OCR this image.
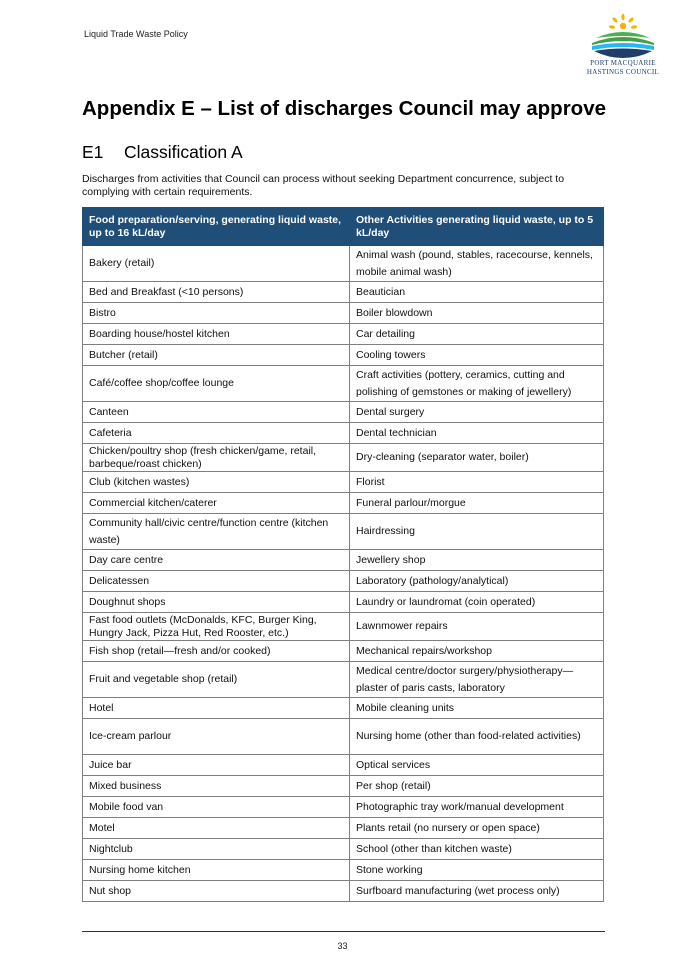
Liquid Trade Waste Policy
PORT MACQUARIE
HASTINGS COUNCIL
Appendix E – List of discharges Council may approve
E1 Classification A
Discharges from activities that Council can process without seeking Department concurrence, subject to complying with certain requirements.
Food preparation/serving, generating liquid waste, up to 16 kL/day	Other Activities generating liquid waste, up to 5 kL/day
Bakery (retail)	Animal wash (pound, stables, racecourse, kennels, mobile animal wash)
Bed and Breakfast (<10 persons)	Beautician
Bistro	Boiler blowdown
Boarding house/hostel kitchen	Car detailing
Butcher (retail)	Cooling towers
Café/coffee shop/coffee lounge	Craft activities (pottery, ceramics, cutting and polishing of gemstones or making of jewellery)
Canteen	Dental surgery
Cafeteria	Dental technician
Chicken/poultry shop (fresh chicken/game, retail, barbeque/roast chicken)	Dry-cleaning (separator water, boiler)
Club (kitchen wastes)	Florist
Commercial kitchen/caterer	Funeral parlour/morgue
Community hall/civic centre/function centre (kitchen waste)	Hairdressing
Day care centre	Jewellery shop
Delicatessen	Laboratory (pathology/analytical)
Doughnut shops	Laundry or laundromat (coin operated)
Fast food outlets (McDonalds, KFC, Burger King, Hungry Jack, Pizza Hut, Red Rooster, etc.)	Lawnmower repairs
Fish shop (retail—fresh and/or cooked)	Mechanical repairs/workshop
Fruit and vegetable shop (retail)	Medical centre/doctor surgery/physiotherapy—plaster of paris casts, laboratory
Hotel	Mobile cleaning units
Ice-cream parlour	Nursing home (other than food-related activities)
Juice bar	Optical services
Mixed business	Per shop (retail)
Mobile food van	Photographic tray work/manual development
Motel	Plants retail (no nursery or open space)
Nightclub	School (other than kitchen waste)
Nursing home kitchen	Stone working
Nut shop	Surfboard manufacturing (wet process only)
33
